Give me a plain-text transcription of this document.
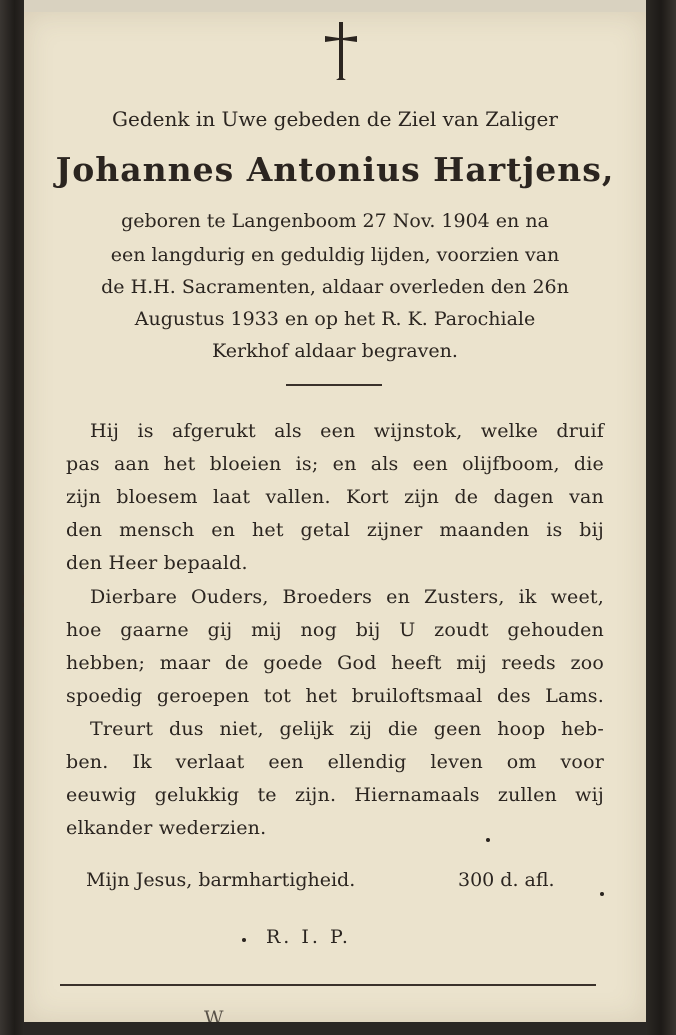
Gedenk in Uwe gebeden de Ziel van Zaliger
Johannes Antonius Hartjens,
geboren te Langenboom 27 Nov. 1904 en na
een langdurig en geduldig lijden, voorzien van
de H.H. Sacramenten, aldaar overleden den 26n
Augustus 1933 en op het R. K. Parochiale
Kerkhof aldaar begraven.
Hij is afgerukt als een wijnstok, welke druif
pas aan het bloeien is; en als een olijfboom, die
zijn bloesem laat vallen. Kort zijn de dagen van
den mensch en het getal zijner maanden is bij
den Heer bepaald.
Dierbare Ouders, Broeders en Zusters, ik weet,
hoe gaarne gij mij nog bij U zoudt gehouden
hebben; maar de goede God heeft mij reeds zoo
spoedig geroepen tot het bruiloftsmaal des Lams.
Treurt dus niet, gelijk zij die geen hoop heb-
ben. Ik verlaat een ellendig leven om voor
eeuwig gelukkig te zijn. Hiernamaals zullen wij
elkander wederzien.
Mijn Jesus, barmhartigheid.	300 d. afl.
R. I. P.
W
